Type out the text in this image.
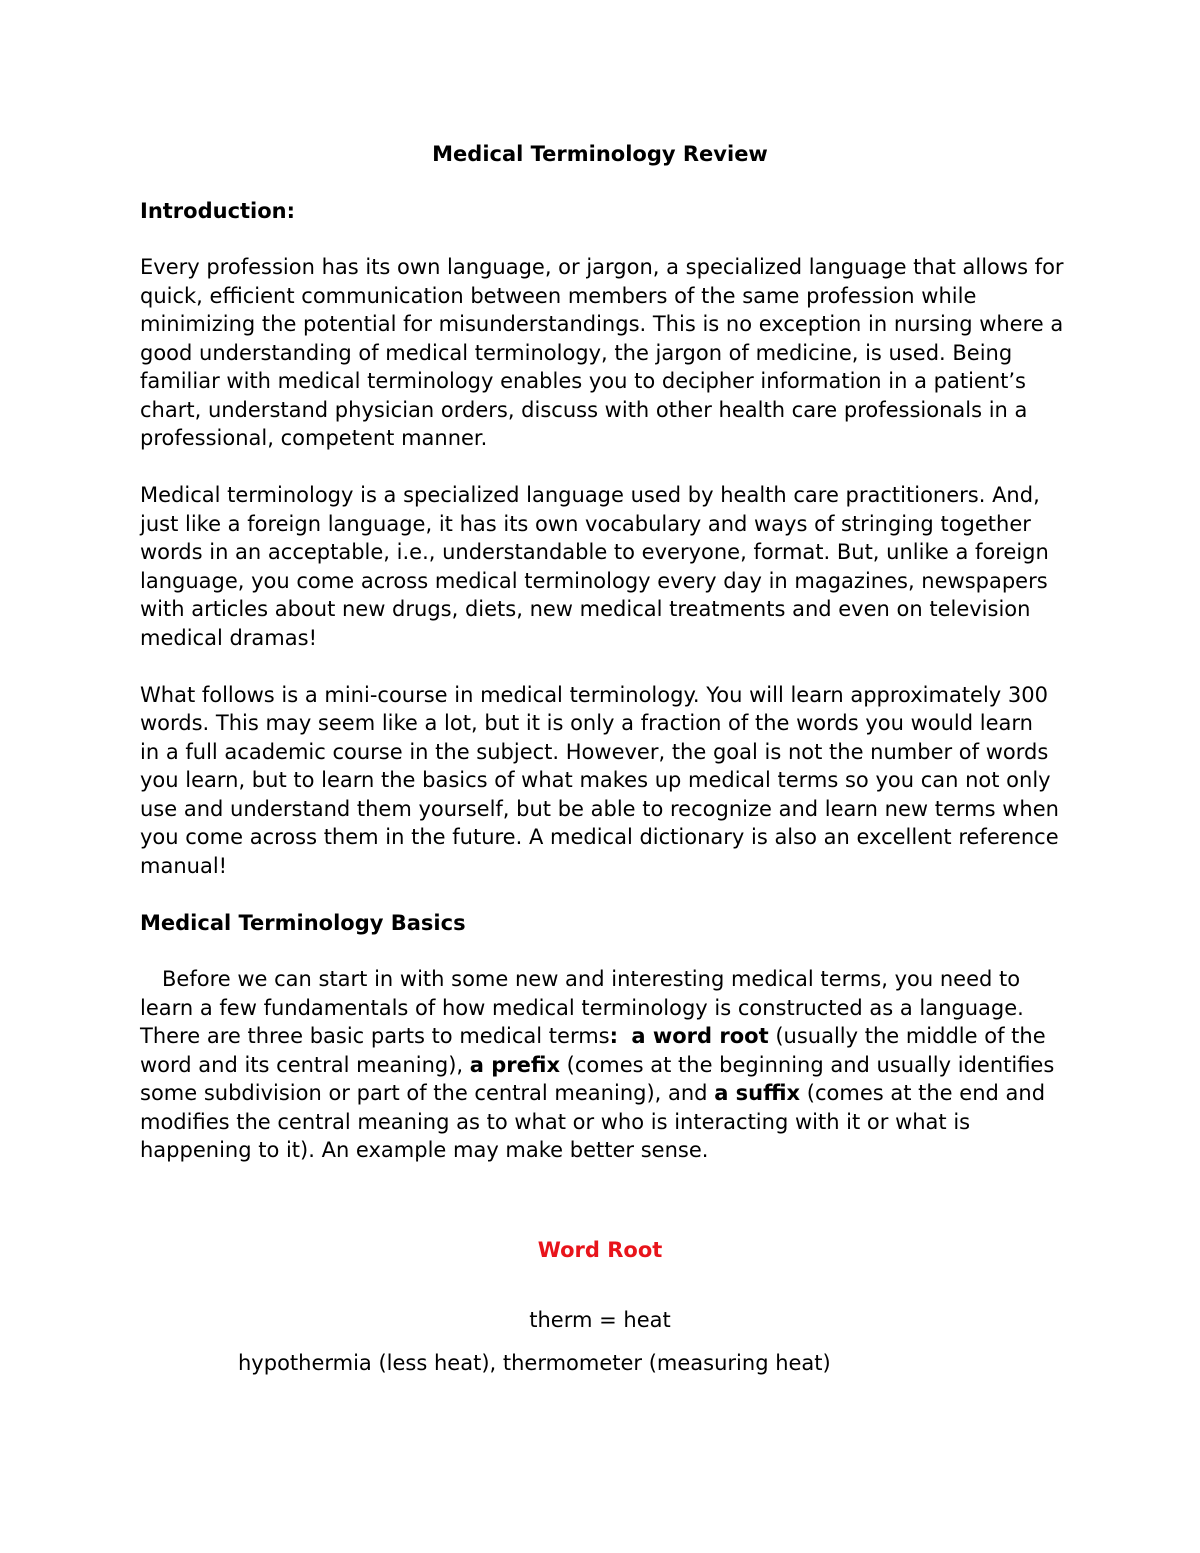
Medical Terminology Review
Introduction:
Every profession has its own language, or jargon, a specialized language that allows for
quick, efficient communication between members of the same profession while
minimizing the potential for misunderstandings. This is no exception in nursing where a
good understanding of medical terminology, the jargon of medicine, is used. Being
familiar with medical terminology enables you to decipher information in a patient’s
chart, understand physician orders, discuss with other health care professionals in a
professional, competent manner.
Medical terminology is a specialized language used by health care practitioners. And,
just like a foreign language, it has its own vocabulary and ways of stringing together
words in an acceptable, i.e., understandable to everyone, format. But, unlike a foreign
language, you come across medical terminology every day in magazines, newspapers
with articles about new drugs, diets, new medical treatments and even on television
medical dramas!
What follows is a mini-course in medical terminology. You will learn approximately 300
words. This may seem like a lot, but it is only a fraction of the words you would learn
in a full academic course in the subject. However, the goal is not the number of words
you learn, but to learn the basics of what makes up medical terms so you can not only
use and understand them yourself, but be able to recognize and learn new terms when
you come across them in the future. A medical dictionary is also an excellent reference
manual!
Medical Terminology Basics
Before we can start in with some new and interesting medical terms, you need to
learn a few fundamentals of how medical terminology is constructed as a language.
There are three basic parts to medical terms: a word root (usually the middle of the
word and its central meaning), a prefix (comes at the beginning and usually identifies
some subdivision or part of the central meaning), and a suffix (comes at the end and
modifies the central meaning as to what or who is interacting with it or what is
happening to it). An example may make better sense.
Word Root
therm = heat
hypothermia (less heat), thermometer (measuring heat)
